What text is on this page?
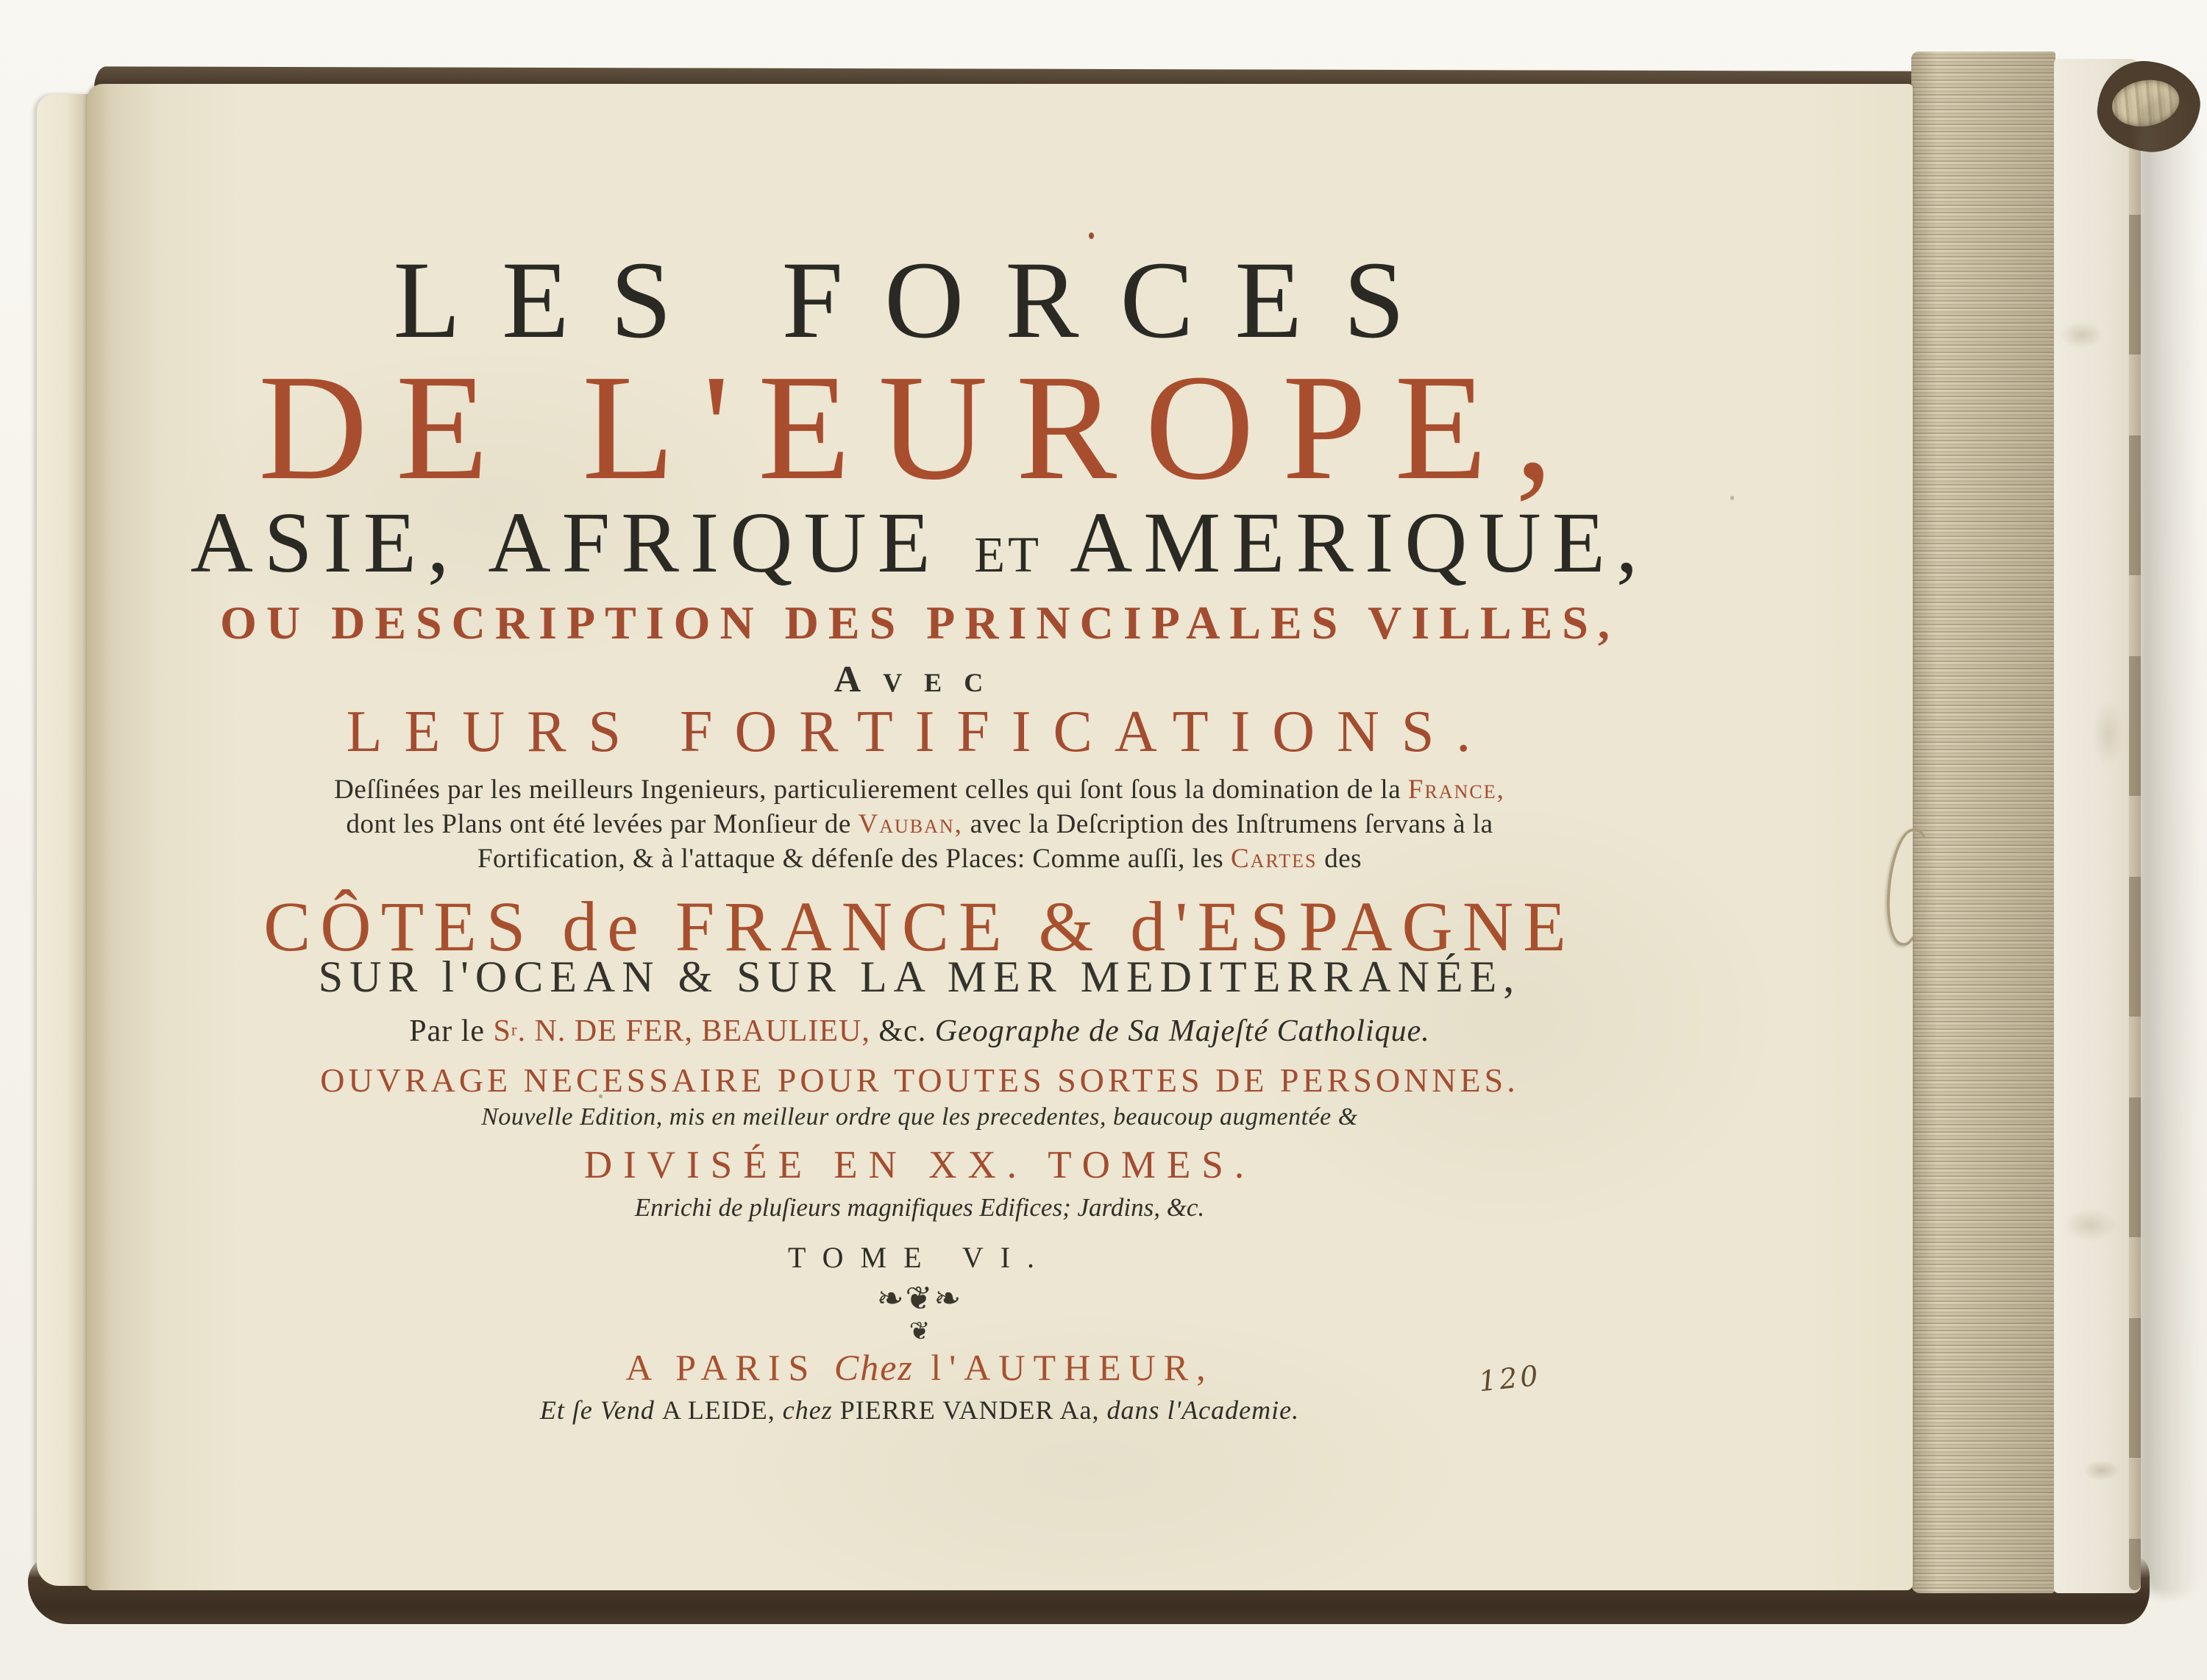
LES FORCES
DE L'EUROPE,
ASIE, AFRIQUE ET AMERIQUE,
OU DESCRIPTION DES PRINCIPALES VILLES,
AVEC
LEURS FORTIFICATIONS.
Deſſinées par les meilleurs Ingenieurs, particulierement celles qui ſont ſous la domination de la France,
dont les Plans ont été levées par Monſieur de Vauban, avec la Deſcription des Inſtrumens ſervans à la
Fortification, & à l'attaque & défenſe des Places: Comme auſſi, les Cartes des
CÔTES de FRANCE & d'ESPAGNE
SUR l'OCEAN & SUR LA MER MEDITERRANÉE,
Par le $S^r$. N. DE FER, BEAULIEU, &c. Geographe de Sa Majeſté Catholique.
OUVRAGE NECESSAIRE POUR TOUTES SORTES DE PERSONNES.
Nouvelle Edition, mis en meilleur ordre que les precedentes, beaucoup augmentée &
DIVISÉE EN XX. TOMES.
Enrichi de pluſieurs magnifiques Edifices; Jardins, &c.
TOME VI.
❧❦❧
❦
A PARIS Chez l'AUTHEUR,
Et ſe Vend A LEIDE, chez PIERRE VANDER Aa, dans l'Academie.
120
